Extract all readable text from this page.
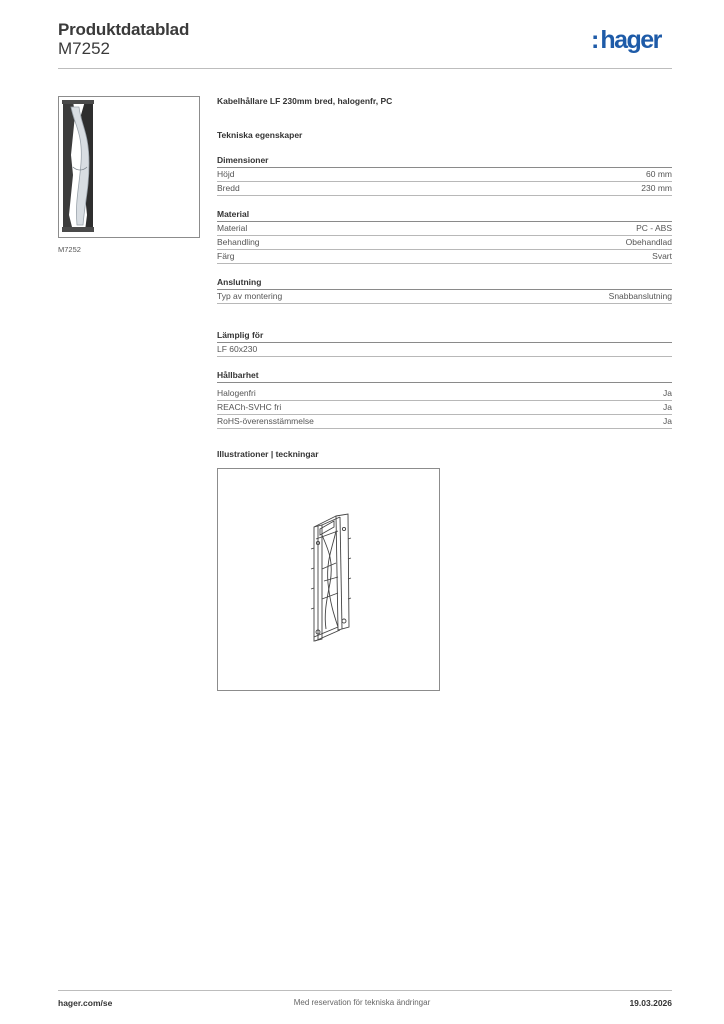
Produktdatablad
M7252	:hager
M7252
Kabelhållare LF 230mm bred, halogenfr, PC
Tekniska egenskaper
Dimensioner
Höjd	60 mm
Bredd	230 mm
Material
Material	PC - ABS
Behandling	Obehandlad
Färg	Svart
Anslutning
Typ av montering	Snabbanslutning
Lämplig för
LF 60x230
Hållbarhet
Halogenfri	Ja
REACh-SVHC fri	Ja
RoHS-överensstämmelse	Ja
Illustrationer | teckningar
hager.com/se	Med reservation för tekniska ändringar	19.03.2026
